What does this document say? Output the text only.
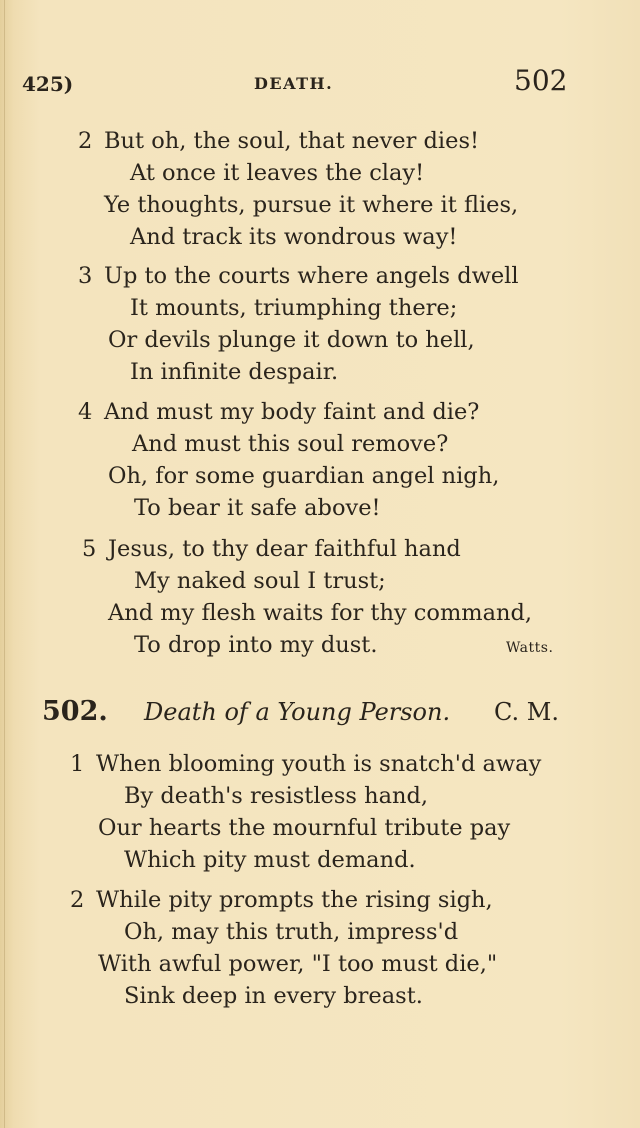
425)	DEATH.	502
2 But oh, the soul, that never dies!
At once it leaves the clay!
Ye thoughts, pursue it where it flies,
And track its wondrous way!
3 Up to the courts where angels dwell
It mounts, triumphing there;
Or devils plunge it down to hell,
In infinite despair.
4 And must my body faint and die?
And must this soul remove?
Oh, for some guardian angel nigh,
To bear it safe above!
5 Jesus, to thy dear faithful hand
My naked soul I trust;
And my flesh waits for thy command,
To drop into my dust.	Watts.
502. Death of a Young Person. C. M.
1 When blooming youth is snatch'd away
By death's resistless hand,
Our hearts the mournful tribute pay
Which pity must demand.
2 While pity prompts the rising sigh,
Oh, may this truth, impress'd
With awful power, "I too must die,"
Sink deep in every breast.
